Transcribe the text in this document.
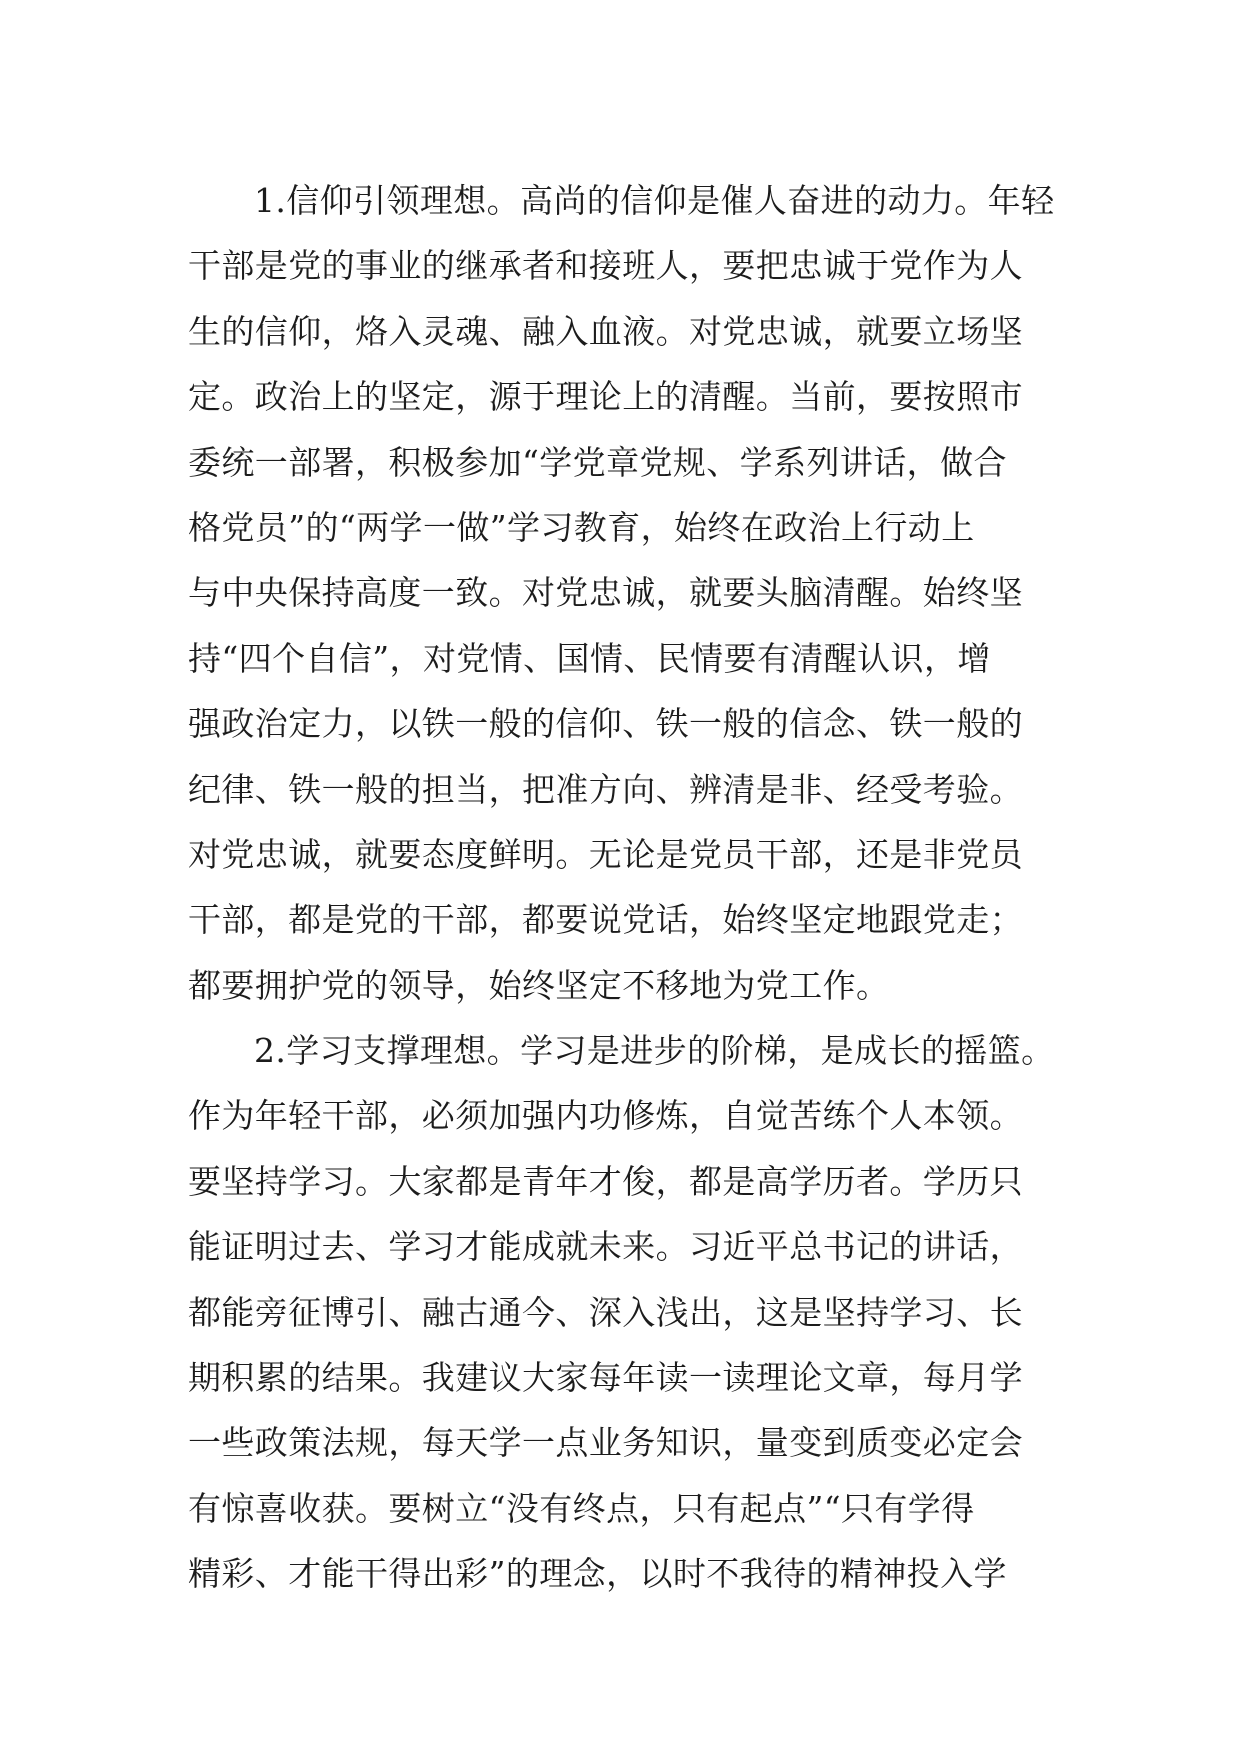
1.信仰引领理想。高尚的信仰是催人奋进的动力。年轻
干部是党的事业的继承者和接班人，要把忠诚于党作为人
生的信仰，烙入灵魂、融入血液。对党忠诚，就要立场坚
定。政治上的坚定，源于理论上的清醒。当前，要按照市
委统一部署，积极参加“学党章党规、学系列讲话，做合
格党员”的“两学一做”学习教育，始终在政治上行动上
与中央保持高度一致。对党忠诚，就要头脑清醒。始终坚
持“四个自信”，对党情、国情、民情要有清醒认识，增
强政治定力，以铁一般的信仰、铁一般的信念、铁一般的
纪律、铁一般的担当，把准方向、辨清是非、经受考验。
对党忠诚，就要态度鲜明。无论是党员干部，还是非党员
干部，都是党的干部，都要说党话，始终坚定地跟党走；
都要拥护党的领导，始终坚定不移地为党工作。
2.学习支撑理想。学习是进步的阶梯，是成长的摇篮。
作为年轻干部，必须加强内功修炼，自觉苦练个人本领。
要坚持学习。大家都是青年才俊，都是高学历者。学历只
能证明过去、学习才能成就未来。习近平总书记的讲话，
都能旁征博引、融古通今、深入浅出，这是坚持学习、长
期积累的结果。我建议大家每年读一读理论文章，每月学
一些政策法规，每天学一点业务知识，量变到质变必定会
有惊喜收获。要树立“没有终点，只有起点”“只有学得
精彩、才能干得出彩”的理念，以时不我待的精神投入学
